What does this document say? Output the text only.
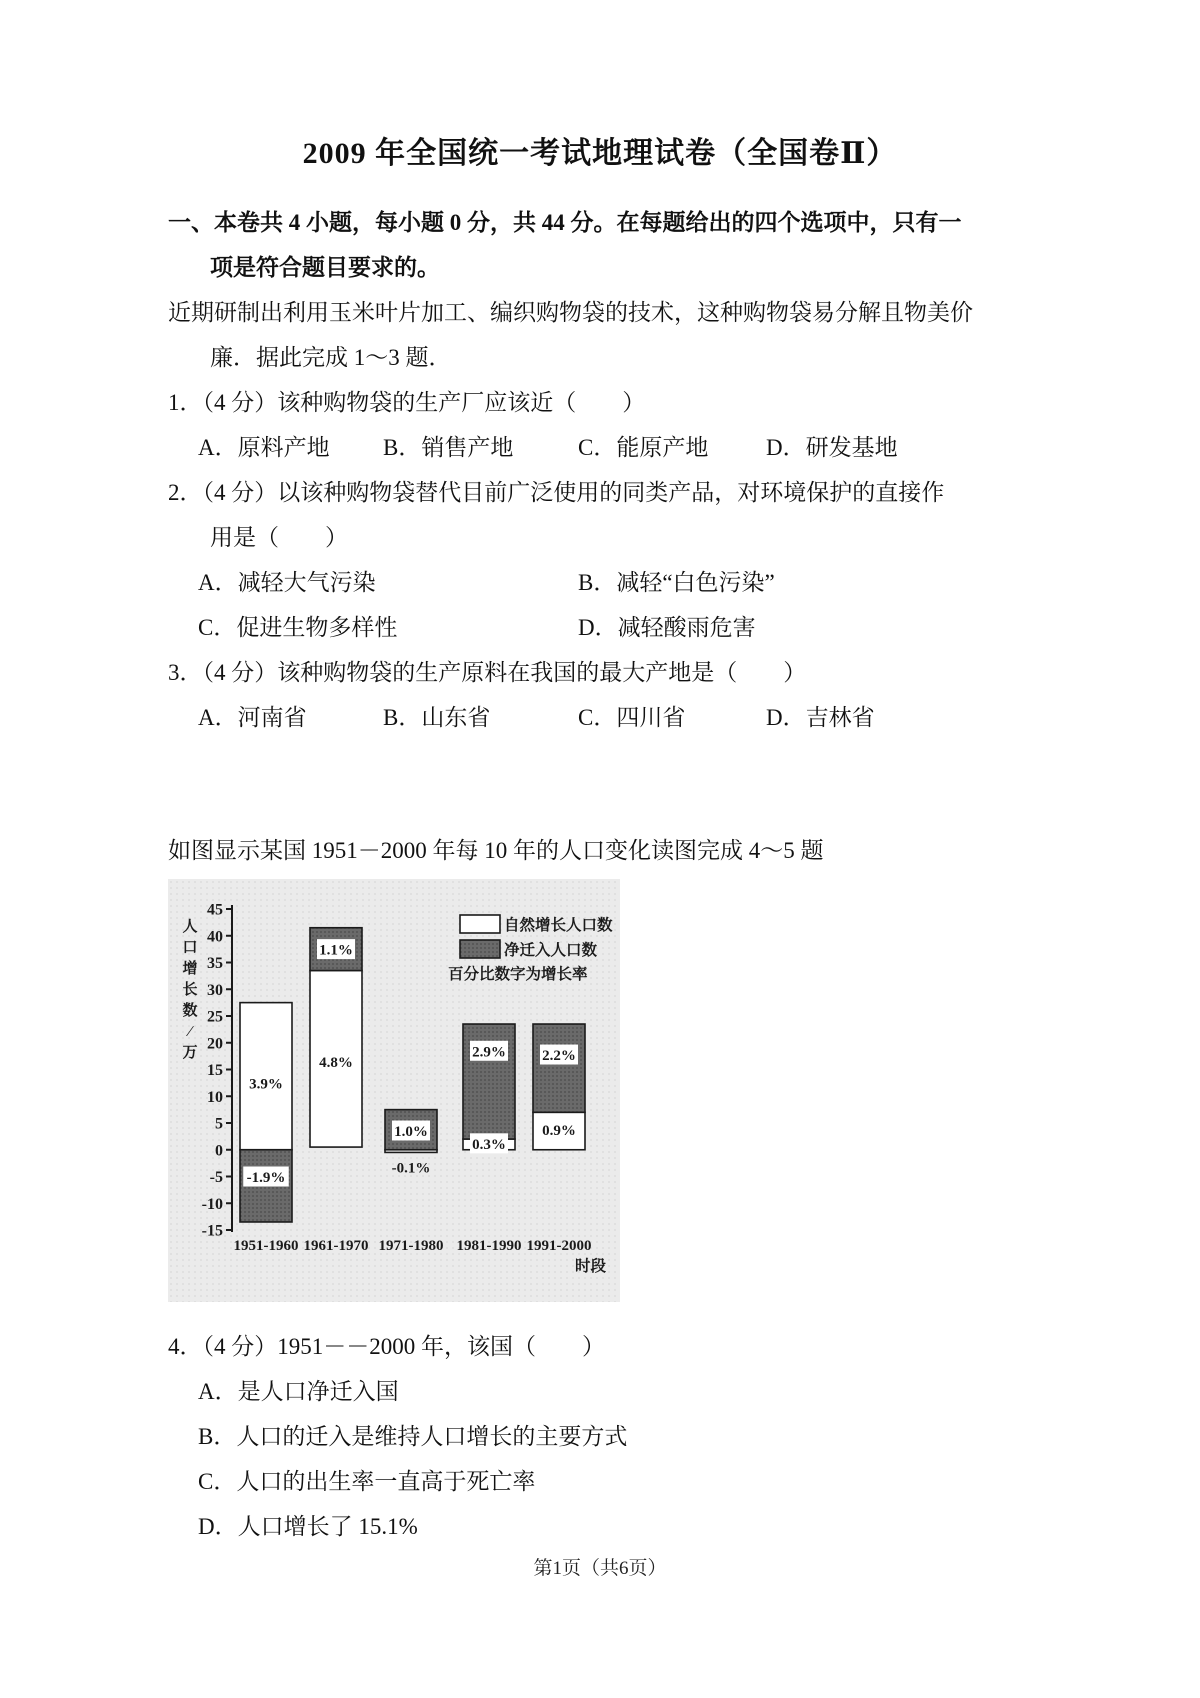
2009 年全国统一考试地理试卷（全国卷Ⅱ）
一、本卷共 4 小题，每小题 0 分，共 44 分。在每题给出的四个选项中，只有一
项是符合题目要求的。
近期研制出利用玉米叶片加工、编织购物袋的技术，这种购物袋易分解且物美价
廉．据此完成 1～3 题．
1．（4 分）该种购物袋的生产厂应该近（　　）
A．原料产地	B．销售产地	C．能原产地	D．研发基地
2．（4 分）以该种购物袋替代目前广泛使用的同类产品，对环境保护的直接作
用是（　　）
A．减轻大气污染	B．减轻“白色污染”
C．促进生物多样性	D．减轻酸雨危害
3．（4 分）该种购物袋的生产原料在我国的最大产地是（　　）
A．河南省	B．山东省	C．四川省	D．吉林省
如图显示某国 1951－2000 年每 10 年的人口变化读图完成 4～5 题
45
40
35
30
25
20
15
10
5
0
-5
-10
-15
人
口
增
长
数
∕
万
1951-1960 1961-1970 1971-1980 1981-1990 1991-2000
3.9%
-1.9%
4.8%
1.1%
-0.1%
1.0%
0.3%
2.9%
0.9%
2.2%
时段
自然增长人口数
净迁入人口数
百分比数字为增长率
4．（4 分）1951－－2000 年，该国（　　）
A．是人口净迁入国
B．人口的迁入是维持人口增长的主要方式
C．人口的出生率一直高于死亡率
D．人口增长了 15.1%
第1页（共6页）
